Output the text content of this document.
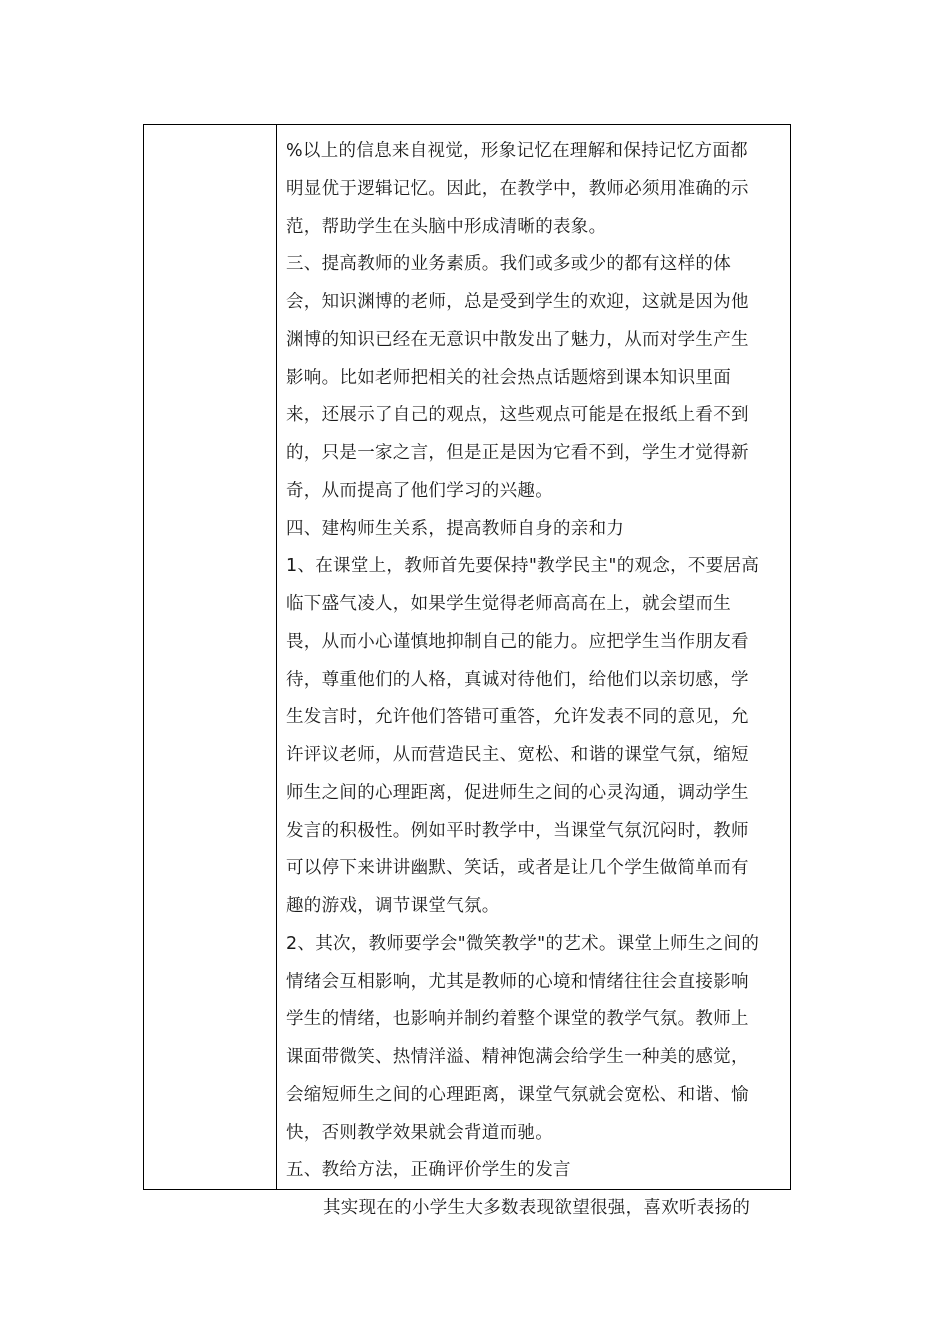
%以上的信息来自视觉，形象记忆在理解和保持记忆方面都
明显优于逻辑记忆。因此，在教学中，教师必须用准确的示
范，帮助学生在头脑中形成清晰的表象。
三、提高教师的业务素质。我们或多或少的都有这样的体
会，知识渊博的老师，总是受到学生的欢迎，这就是因为他
渊博的知识已经在无意识中散发出了魅力，从而对学生产生
影响。比如老师把相关的社会热点话题熔到课本知识里面
来，还展示了自己的观点，这些观点可能是在报纸上看不到
的，只是一家之言，但是正是因为它看不到，学生才觉得新
奇，从而提高了他们学习的兴趣。
四、建构师生关系，提高教师自身的亲和力
1、在课堂上，教师首先要保持"教学民主"的观念，不要居高
临下盛气凌人，如果学生觉得老师高高在上，就会望而生
畏，从而小心谨慎地抑制自己的能力。应把学生当作朋友看
待，尊重他们的人格，真诚对待他们，给他们以亲切感，学
生发言时，允许他们答错可重答，允许发表不同的意见，允
许评议老师，从而营造民主、宽松、和谐的课堂气氛，缩短
师生之间的心理距离，促进师生之间的心灵沟通，调动学生
发言的积极性。例如平时教学中，当课堂气氛沉闷时，教师
可以停下来讲讲幽默、笑话，或者是让几个学生做简单而有
趣的游戏，调节课堂气氛。
2、其次，教师要学会"微笑教学"的艺术。课堂上师生之间的
情绪会互相影响，尤其是教师的心境和情绪往往会直接影响
学生的情绪，也影响并制约着整个课堂的教学气氛。教师上
课面带微笑、热情洋溢、精神饱满会给学生一种美的感觉，
会缩短师生之间的心理距离，课堂气氛就会宽松、和谐、愉
快，否则教学效果就会背道而驰。
五、教给方法，正确评价学生的发言
其实现在的小学生大多数表现欲望很强，喜欢听表扬的
